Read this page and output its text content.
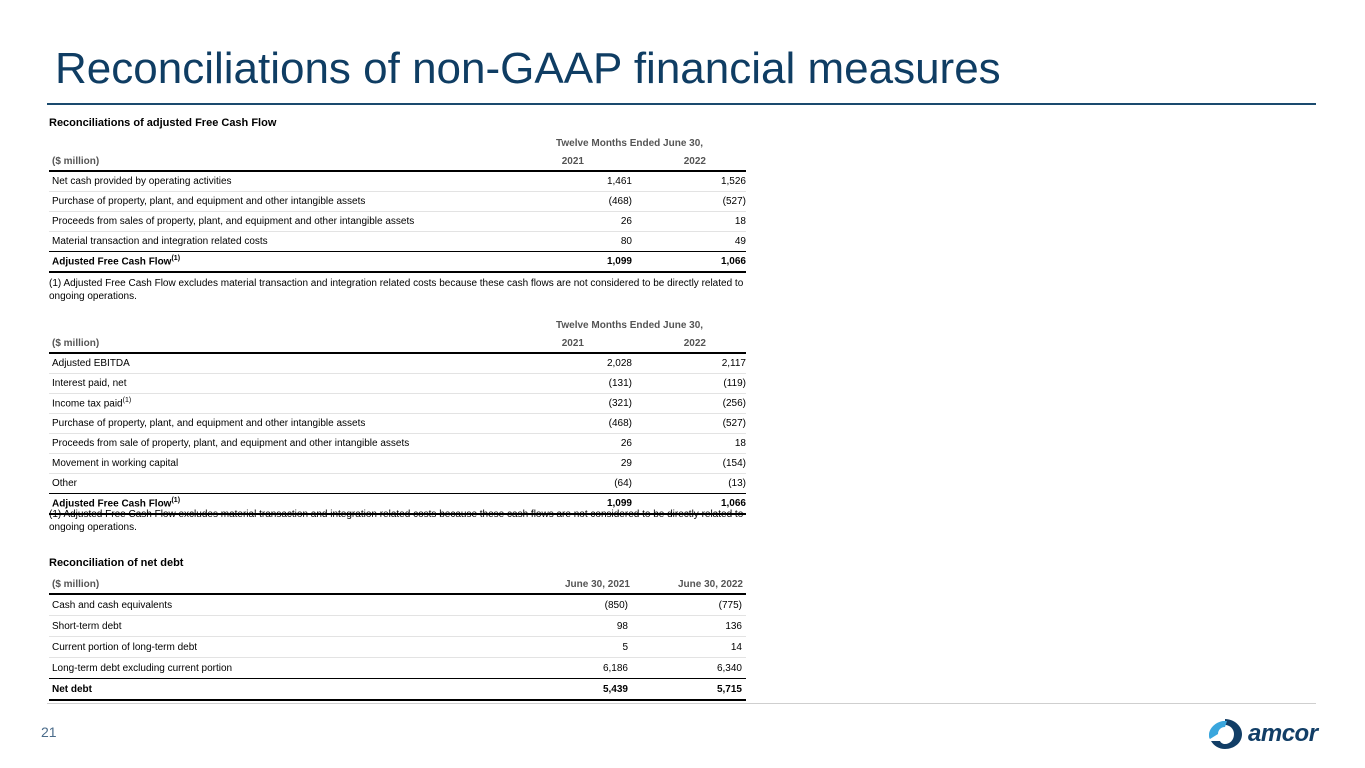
Reconciliations of non-GAAP financial measures
Reconciliations of adjusted Free Cash Flow
Twelve Months Ended June 30,
($ million)	2021	2022
Net cash provided by operating activities	1,461	1,526
Purchase of property, plant, and equipment and other intangible assets	(468)	(527)
Proceeds from sales of property, plant, and equipment and other intangible assets	26	18
Material transaction and integration related costs	80	49
Adjusted Free Cash Flow$^{(1)}$	1,099	1,066
(1) Adjusted Free Cash Flow excludes material transaction and integration related costs because these cash flows are not considered to be directly related to ongoing operations.
Twelve Months Ended June 30,
($ million)	2021	2022
Adjusted EBITDA	2,028	2,117
Interest paid, net	(131)	(119)
Income tax paid$^{(1)}$	(321)	(256)
Purchase of property, plant, and equipment and other intangible assets	(468)	(527)
Proceeds from sale of property, plant, and equipment and other intangible assets	26	18
Movement in working capital	29	(154)
Other	(64)	(13)
Adjusted Free Cash Flow$^{(1)}$	1,099	1,066
(1) Adjusted Free Cash Flow excludes material transaction and integration related costs because these cash flows are not considered to be directly related to ongoing operations.
Reconciliation of net debt
($ million)	June 30, 2021	June 30, 2022
Cash and cash equivalents	(850)	(775)
Short-term debt	98	136
Current portion of long-term debt	5	14
Long-term debt excluding current portion	6,186	6,340
Net debt	5,439	5,715
21	amcor
